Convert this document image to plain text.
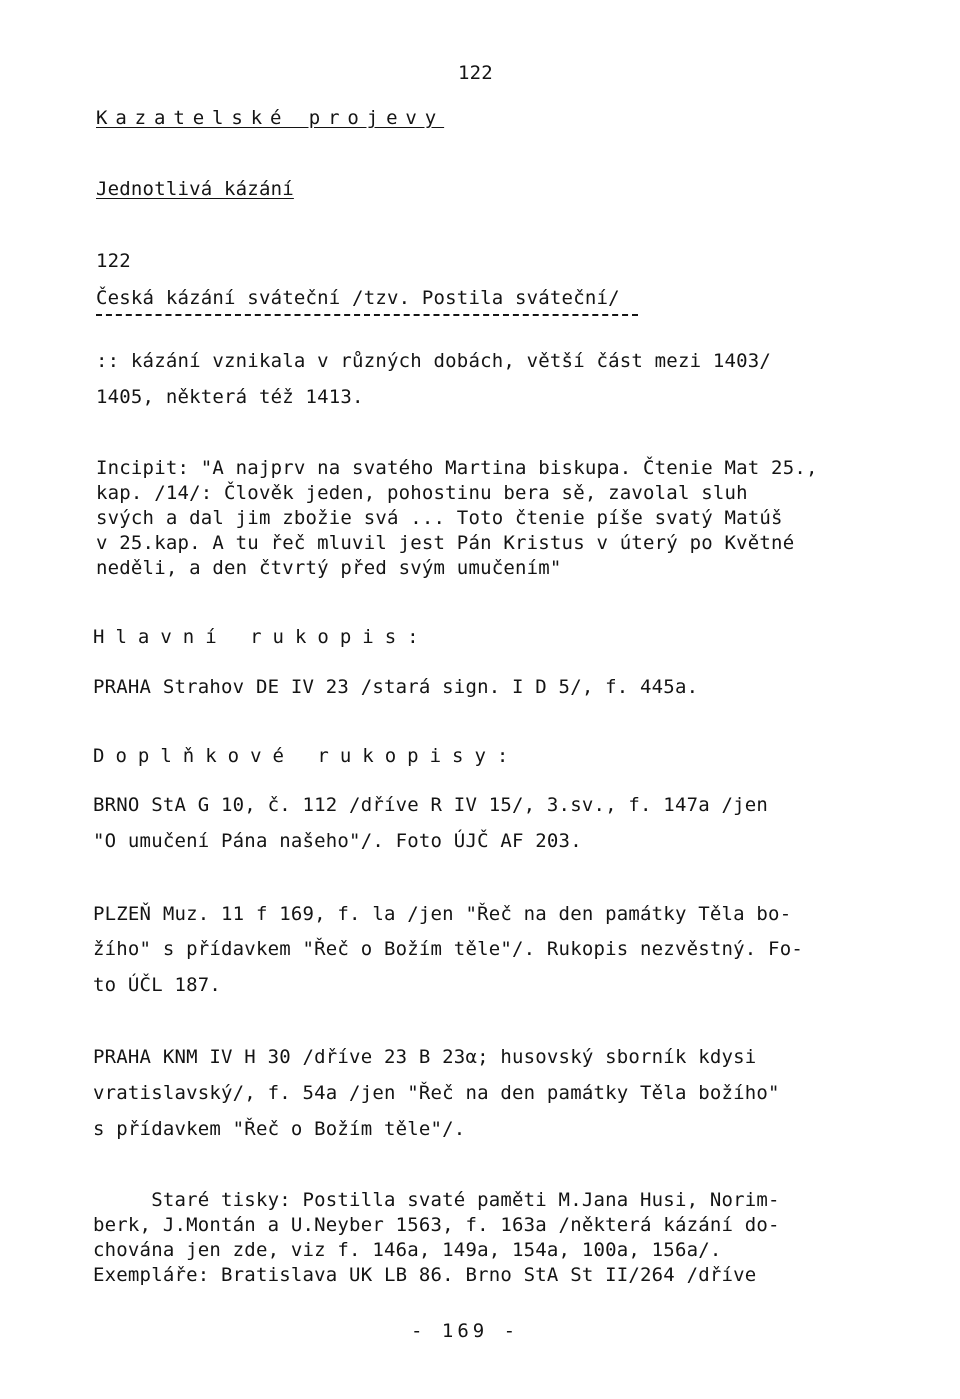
122
Kazatelské projevy
Jednotlivá kázání
122
Česká kázání sváteční /tzv. Postila sváteční/
:: kázání vznikala v různých dobách, větší část mezi 1403/
1405, některá též 1413.
Incipit: "A najprv na svatého Martina biskupa. Čtenie Mat 25.,
kap. /14/: Člověk jeden, pohostinu bera sě, zavolal sluh
svých a dal jim zbožie svá ... Toto čtenie píše svatý Matúš
v 25.kap. A tu řeč mluvil jest Pán Kristus v úterý po Květné
neděli, a den čtvrtý před svým umučením"
Hlavní rukopis:
PRAHA Strahov DE IV 23 /stará sign. I D 5/, f. 445a.
Doplňkové rukopisy:
BRNO StA G 10, č. 112 /dříve R IV 15/, 3.sv., f. 147a /jen
"O umučení Pána našeho"/. Foto ÚJČ AF 203.
PLZEŇ Muz. 11 f 169, f. la /jen "Řeč na den památky Těla bo-
žího" s přídavkem "Řeč o Božím těle"/. Rukopis nezvěstný. Fo-
to ÚČL 187.
PRAHA KNM IV H 30 /dříve 23 B 23α; husovský sborník kdysi
vratislavský/, f. 54a /jen "Řeč na den památky Těla božího"
s přídavkem "Řeč o Božím těle"/.
Staré tisky: Postilla svaté paměti M.Jana Husi, Norim-
berk, J.Montán a U.Neyber 1563, f. 163a /některá kázání do-
chována jen zde, viz f. 146a, 149a, 154a, 100a, 156a/.
Exempláře: Bratislava UK LB 86. Brno StA St II/264 /dříve
- 169 -
